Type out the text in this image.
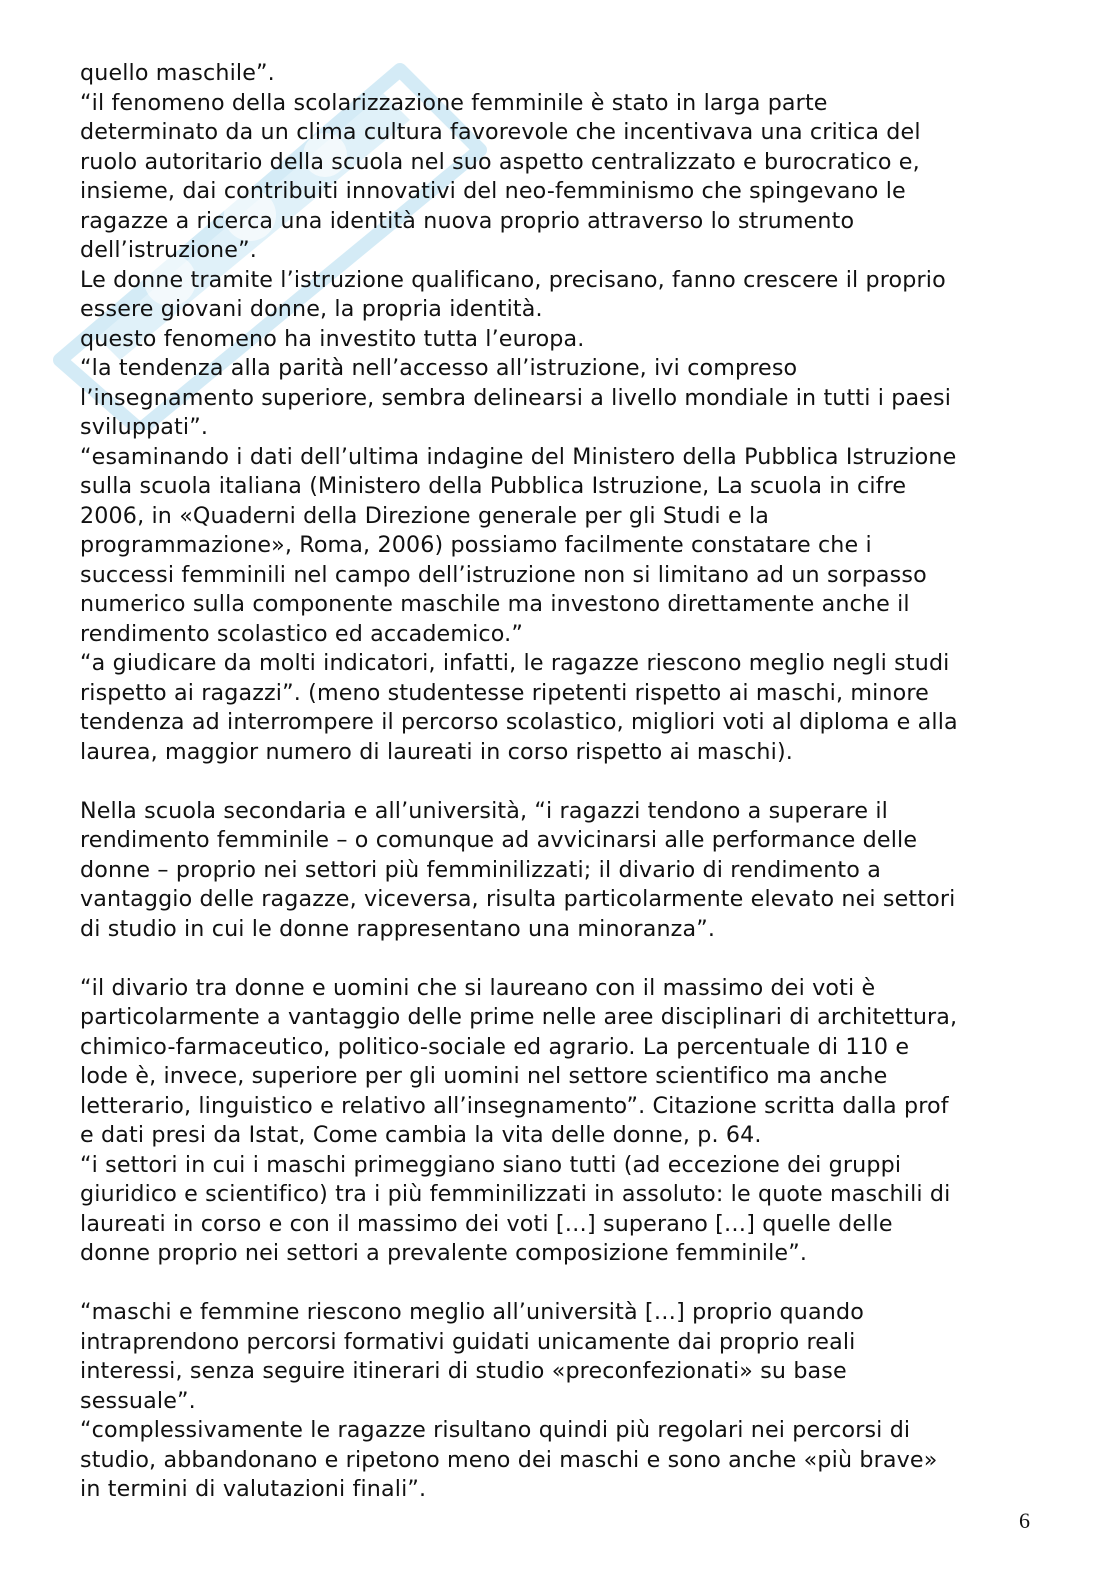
quello maschile”.

“il fenomeno della scolarizzazione femminile è stato in larga parte
determinato da un clima cultura favorevole che incentivava una critica del
ruolo autoritario della scuola nel suo aspetto centralizzato e burocratico e,
insieme, dai contribuiti innovativi del neo-femminismo che spingevano le
ragazze a ricerca una identità nuova proprio attraverso lo strumento
dell’istruzione”.

Le donne tramite l’istruzione qualificano, precisano, fanno crescere il proprio
essere giovani donne, la propria identità.

questo fenomeno ha investito tutta l’europa.

“la tendenza alla parità nell’accesso all’istruzione, ivi compreso
l’insegnamento superiore, sembra delinearsi a livello mondiale in tutti i paesi
sviluppati”.

“esaminando i dati dell’ultima indagine del Ministero della Pubblica Istruzione
sulla scuola italiana (Ministero della Pubblica Istruzione, La scuola in cifre
2006, in «Quaderni della Direzione generale per gli Studi e la
programmazione», Roma, 2006) possiamo facilmente constatare che i
successi femminili nel campo dell’istruzione non si limitano ad un sorpasso
numerico sulla componente maschile ma investono direttamente anche il
rendimento scolastico ed accademico.”

“a giudicare da molti indicatori, infatti, le ragazze riescono meglio negli studi
rispetto ai ragazzi”. (meno studentesse ripetenti rispetto ai maschi, minore
tendenza ad interrompere il percorso scolastico, migliori voti al diploma e alla
laurea, maggior numero di laureati in corso rispetto ai maschi).

Nella scuola secondaria e all’università, “i ragazzi tendono a superare il
rendimento femminile – o comunque ad avvicinarsi alle performance delle
donne – proprio nei settori più femminilizzati; il divario di rendimento a
vantaggio delle ragazze, viceversa, risulta particolarmente elevato nei settori
di studio in cui le donne rappresentano una minoranza”.

“il divario tra donne e uomini che si laureano con il massimo dei voti è
particolarmente a vantaggio delle prime nelle aree disciplinari di architettura,
chimico-farmaceutico, politico-sociale ed agrario. La percentuale di 110 e
lode è, invece, superiore per gli uomini nel settore scientifico ma anche
letterario, linguistico e relativo all’insegnamento”. Citazione scritta dalla prof
e dati presi da Istat, Come cambia la vita delle donne, p. 64.

“i settori in cui i maschi primeggiano siano tutti (ad eccezione dei gruppi
giuridico e scientifico) tra i più femminilizzati in assoluto: le quote maschili di
laureati in corso e con il massimo dei voti […] superano […] quelle delle
donne proprio nei settori a prevalente composizione femminile”.

“maschi e femmine riescono meglio all’università […] proprio quando
intraprendono percorsi formativi guidati unicamente dai proprio reali
interessi, senza seguire itinerari di studio «preconfezionati» su base
sessuale”.

“complessivamente le ragazze risultano quindi più regolari nei percorsi di
studio, abbandonano e ripetono meno dei maschi e sono anche «più brave»
in termini di valutazioni finali”.

6
